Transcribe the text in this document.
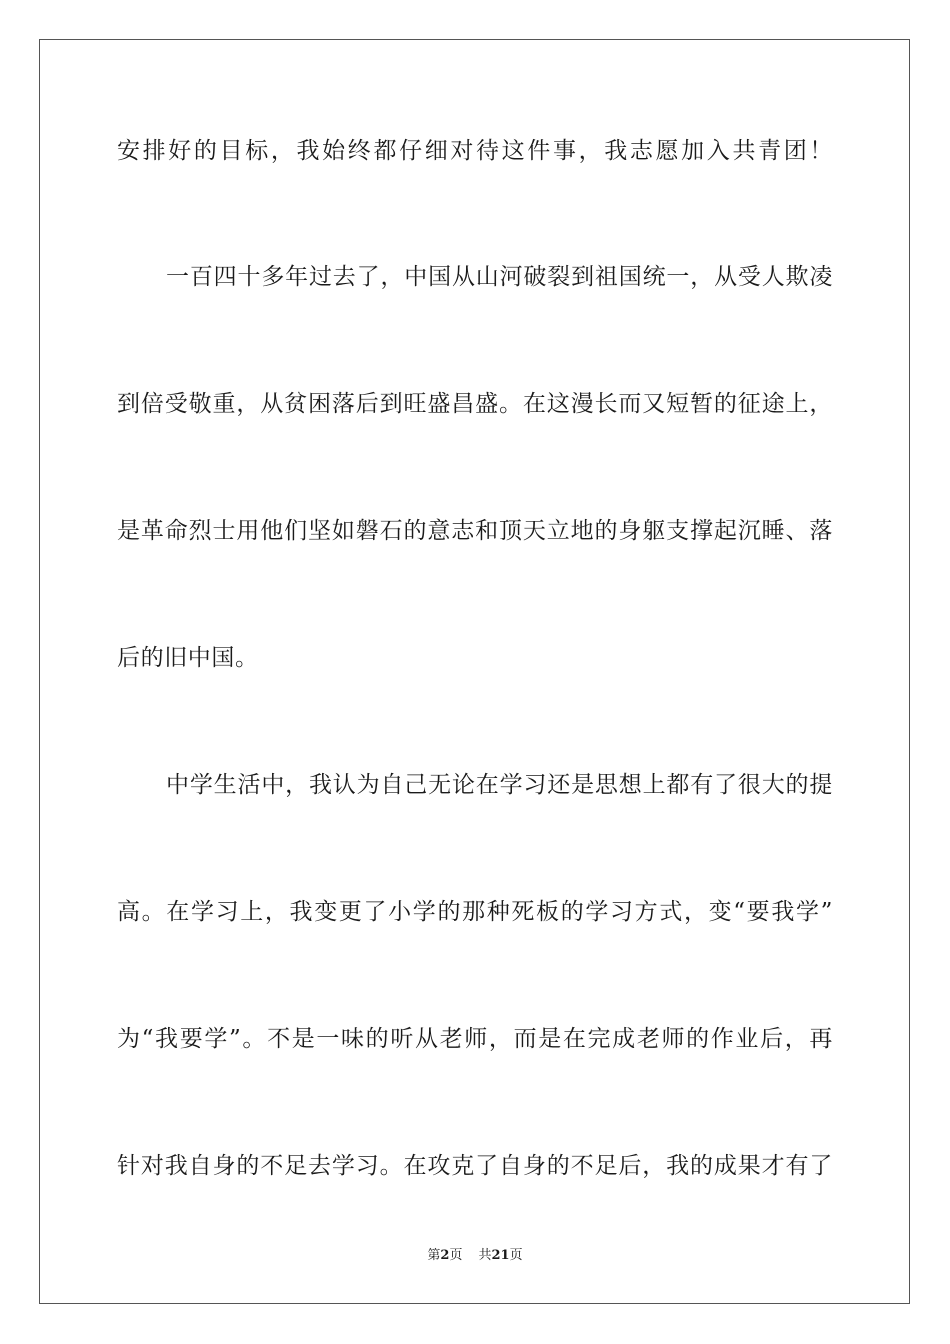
安排好的目标，我始终都仔细对待这件事，我志愿加入共青团！
一百四十多年过去了，中国从山河破裂到祖国统一，从受人欺凌
到倍受敬重，从贫困落后到旺盛昌盛。在这漫长而又短暂的征途上，
是革命烈士用他们坚如磐石的意志和顶天立地的身躯支撑起沉睡、落
后的旧中国。
中学生活中，我认为自己无论在学习还是思想上都有了很大的提
高。在学习上，我变更了小学的那种死板的学习方式，变“要我学”
为“我要学”。不是一味的听从老师，而是在完成老师的作业后，再
针对我自身的不足去学习。在攻克了自身的不足后，我的成果才有了
第2页 共21页
